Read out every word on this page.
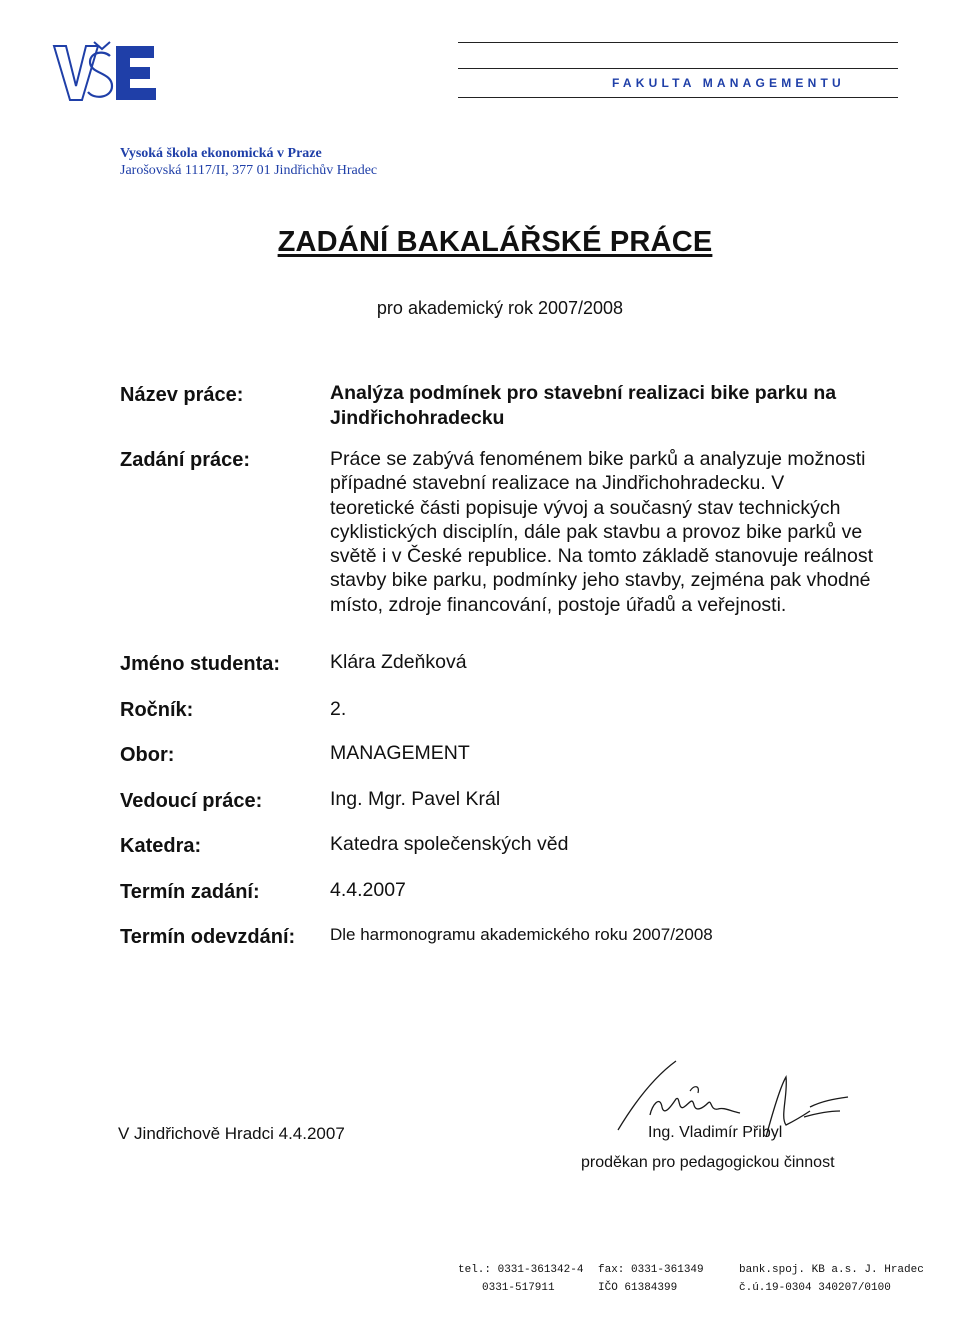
FAKULTA MANAGEMENTU
Vysoká škola ekonomická v Praze
Jarošovská 1117/II, 377 01 Jindřichův Hradec
ZADÁNÍ BAKALÁŘSKÉ PRÁCE
pro akademický rok 2007/2008
Název práce:	Analýza podmínek pro stavební realizaci bike parku na
Jindřichohradecku
Zadání práce:	Práce se zabývá fenoménem bike parků a analyzuje možnosti

případné stavební realizace na Jindřichohradecku. V

teoretické části popisuje vývoj a současný stav technických

cyklistických disciplín, dále pak stavbu a provoz bike parků ve

světě i v České republice. Na tomto základě stanovuje reálnost

stavby bike parku, podmínky jeho stavby, zejména pak vhodné

místo, zdroje financování, postoje úřadů a veřejnosti.

Jméno studenta:	Klára Zdeňková
Ročník:	2.
Obor:	MANAGEMENT
Vedoucí práce:	Ing. Mgr. Pavel Král
Katedra:	Katedra společenských věd
Termín zadání:	4.4.2007
Termín odevzdání: Dle harmonogramu akademického roku 2007/2008
V Jindřichově Hradci 4.4.2007	Ing. Vladimír Přibyl
proděkan pro pedagogickou činnost
tel.: 0331-361342-4
0331-517911
fax: 0331-361349
IČO 61384399
bank.spoj. KB a.s. J. Hradec
č.ú.19-0304 340207/0100
